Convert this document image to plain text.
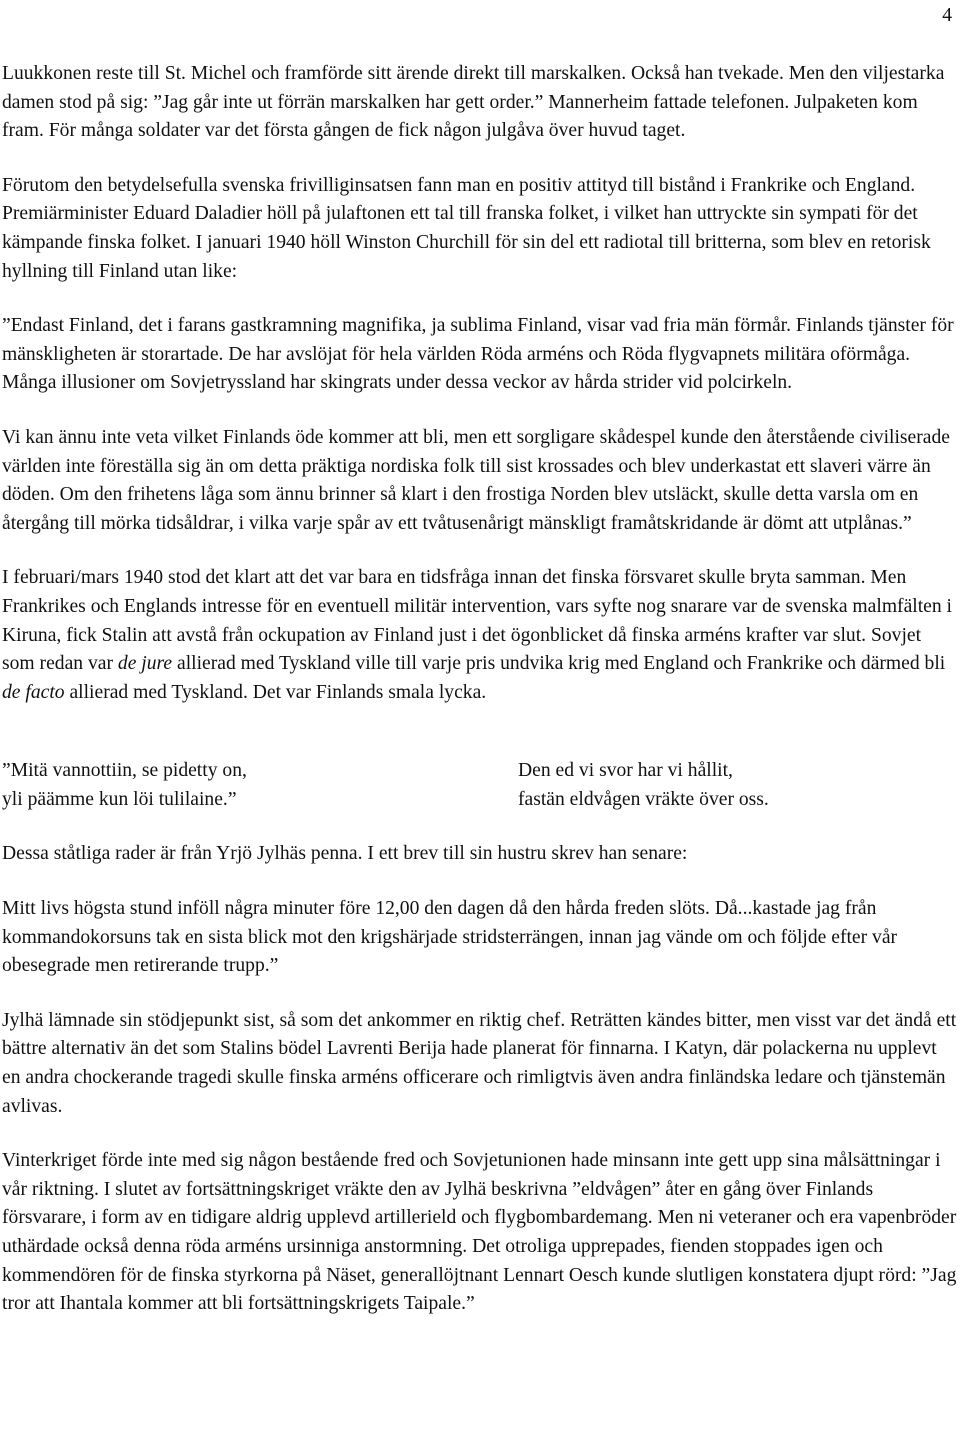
4

Luukkonen reste till St. Michel och framförde sitt ärende direkt till marskalken. Också han tvekade. Men den viljestarka damen stod på sig: ”Jag går inte ut förrän marskalken har gett order.” Mannerheim fattade telefonen. Julpaketen kom fram. För många soldater var det första gången de fick någon julgåva över huvud taget.

Förutom den betydelsefulla svenska frivilliginsatsen fann man en positiv attityd till bistånd i Frankrike och England. Premiärminister Eduard Daladier höll på julaftonen ett tal till franska folket, i vilket han uttryckte sin sympati för det kämpande finska folket. I januari 1940 höll Winston Churchill för sin del ett radiotal till britterna, som blev en retorisk hyllning till Finland utan like:

”Endast Finland, det i farans gastkramning magnifika, ja sublima Finland, visar vad fria män förmår. Finlands tjänster för mänskligheten är storartade. De har avslöjat för hela världen Röda arméns och Röda flygvapnets militära oförmåga. Många illusioner om Sovjetryssland har skingrats under dessa veckor av hårda strider vid polcirkeln.

Vi kan ännu inte veta vilket Finlands öde kommer att bli, men ett sorgligare skådespel kunde den återstående civiliserade världen inte föreställa sig än om detta präktiga nordiska folk till sist krossades och blev underkastat ett slaveri värre än döden. Om den frihetens låga som ännu brinner så klart i den frostiga Norden blev utsläckt, skulle detta varsla om en återgång till mörka tidsåldrar, i vilka varje spår av ett tvåtusenårigt mänskligt framåtskridande är dömt att utplånas.”

I februari/mars 1940 stod det klart att det var bara en tidsfråga innan det finska försvaret skulle bryta samman. Men Frankrikes och Englands intresse för en eventuell militär intervention, vars syfte nog snarare var de svenska malmfälten i Kiruna, fick Stalin att avstå från ockupation av Finland just i det ögonblicket då finska arméns krafter var slut. Sovjet som redan var de jure allierad med Tyskland ville till varje pris undvika krig med England och Frankrike och därmed bli de facto allierad med Tyskland. Det var Finlands smala lycka.

”Mitä vannottiin, se pidetty on,
yli päämme kun löi tulilaine.”
Den ed vi svor har vi hållit,
fastän eldvågen vräkte över oss.

Dessa ståtliga rader är från Yrjö Jylhäs penna. I ett brev till sin hustru skrev han senare:

Mitt livs högsta stund inföll några minuter före 12,00 den dagen då den hårda freden slöts. Då...kastade jag från kommandokorsuns tak en sista blick mot den krigshärjade stridsterrängen, innan jag vände om och följde efter vår obesegrade men retirerande trupp.”

Jylhä lämnade sin stödjepunkt sist, så som det ankommer en riktig chef. Reträtten kändes bitter, men visst var det ändå ett bättre alternativ än det som Stalins bödel Lavrenti Berija hade planerat för finnarna. I Katyn, där polackerna nu upplevt en andra chockerande tragedi skulle finska arméns officerare och rimligtvis även andra finländska ledare och tjänstemän avlivas.

Vinterkriget förde inte med sig någon bestående fred och Sovjetunionen hade minsann inte gett upp sina målsättningar i vår riktning. I slutet av fortsättningskriget vräkte den av Jylhä beskrivna ”eldvågen” åter en gång över Finlands försvarare, i form av en tidigare aldrig upplevd artillerield och flygbombardemang. Men ni veteraner och era vapenbröder uthärdade också denna röda arméns ursinniga anstormning. Det otroliga upprepades, fienden stoppades igen och kommendören för de finska styrkorna på Näset, generallöjtnant Lennart Oesch kunde slutligen konstatera djupt rörd: ”Jag tror att Ihantala kommer att bli fortsättningskrigets Taipale.”
